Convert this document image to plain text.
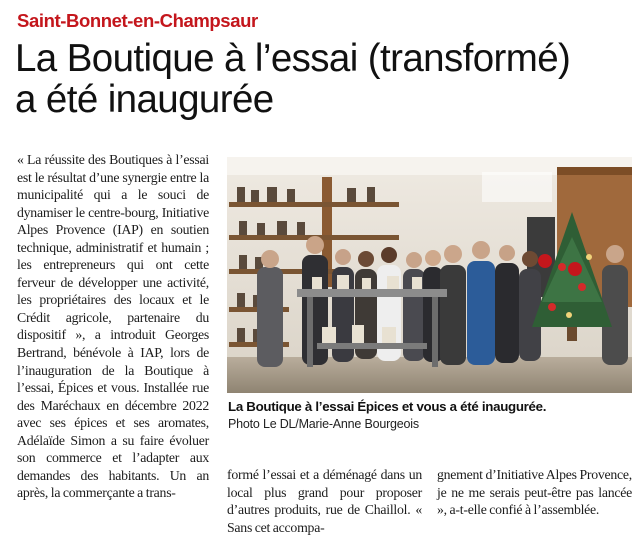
Saint-Bonnet-en-Champsaur
La Boutique à l’essai (transformé)
a été inaugurée
« La réussite des Boutiques à l’essai est le résultat d’une synergie entre la municipalité qui a le souci de dynamiser le centre-bourg, Initiative Alpes Provence (IAP) en soutien technique, administratif et humain ; les entrepreneurs qui ont cette ferveur de développer une activité, les propriétaires des locaux et le Crédit agricole, partenaire du dispositif », a introduit Georges Bertrand, bénévole à IAP, lors de l’inauguration de la Boutique à l’essai, Épices et vous. Installée rue des Maréchaux en décembre 2022 avec ses épices et ses aromates, Adélaïde Simon a su faire évoluer son commerce et l’adapter aux demandes des habitants. Un an après, la commerçante a trans-
La Boutique à l’essai Épices et vous a été inaugurée.
Photo Le DL/Marie-Anne Bourgeois
formé l’essai et a déménagé dans un local plus grand pour proposer d’autres produits, rue de Chaillol. « Sans cet accompa-
gnement d’Initiative Alpes Provence, je ne me serais peut-être pas lancée », a-t-elle confié à l’assemblée.
